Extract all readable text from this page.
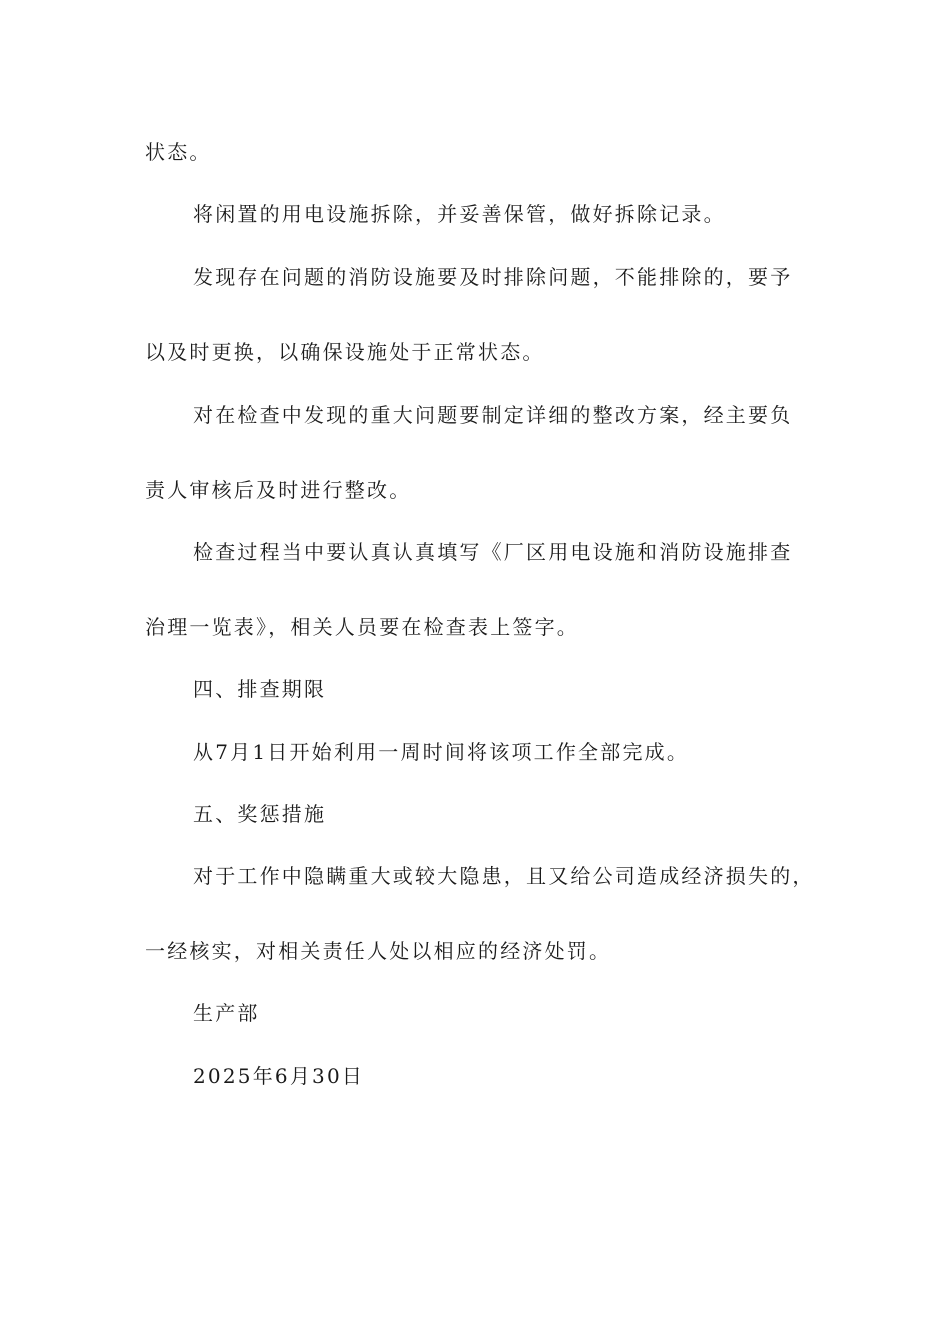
状态。
将闲置的用电设施拆除，并妥善保管，做好拆除记录。
发现存在问题的消防设施要及时排除问题，不能排除的，要予
以及时更换，以确保设施处于正常状态。
对在检查中发现的重大问题要制定详细的整改方案，经主要负
责人审核后及时进行整改。
检查过程当中要认真认真填写《厂区用电设施和消防设施排查
治理一览表》，相关人员要在检查表上签字。
四、排查期限
从7月1日开始利用一周时间将该项工作全部完成。
五、奖惩措施
对于工作中隐瞒重大或较大隐患，且又给公司造成经济损失的，
一经核实，对相关责任人处以相应的经济处罚。
生产部
2025年6月30日
